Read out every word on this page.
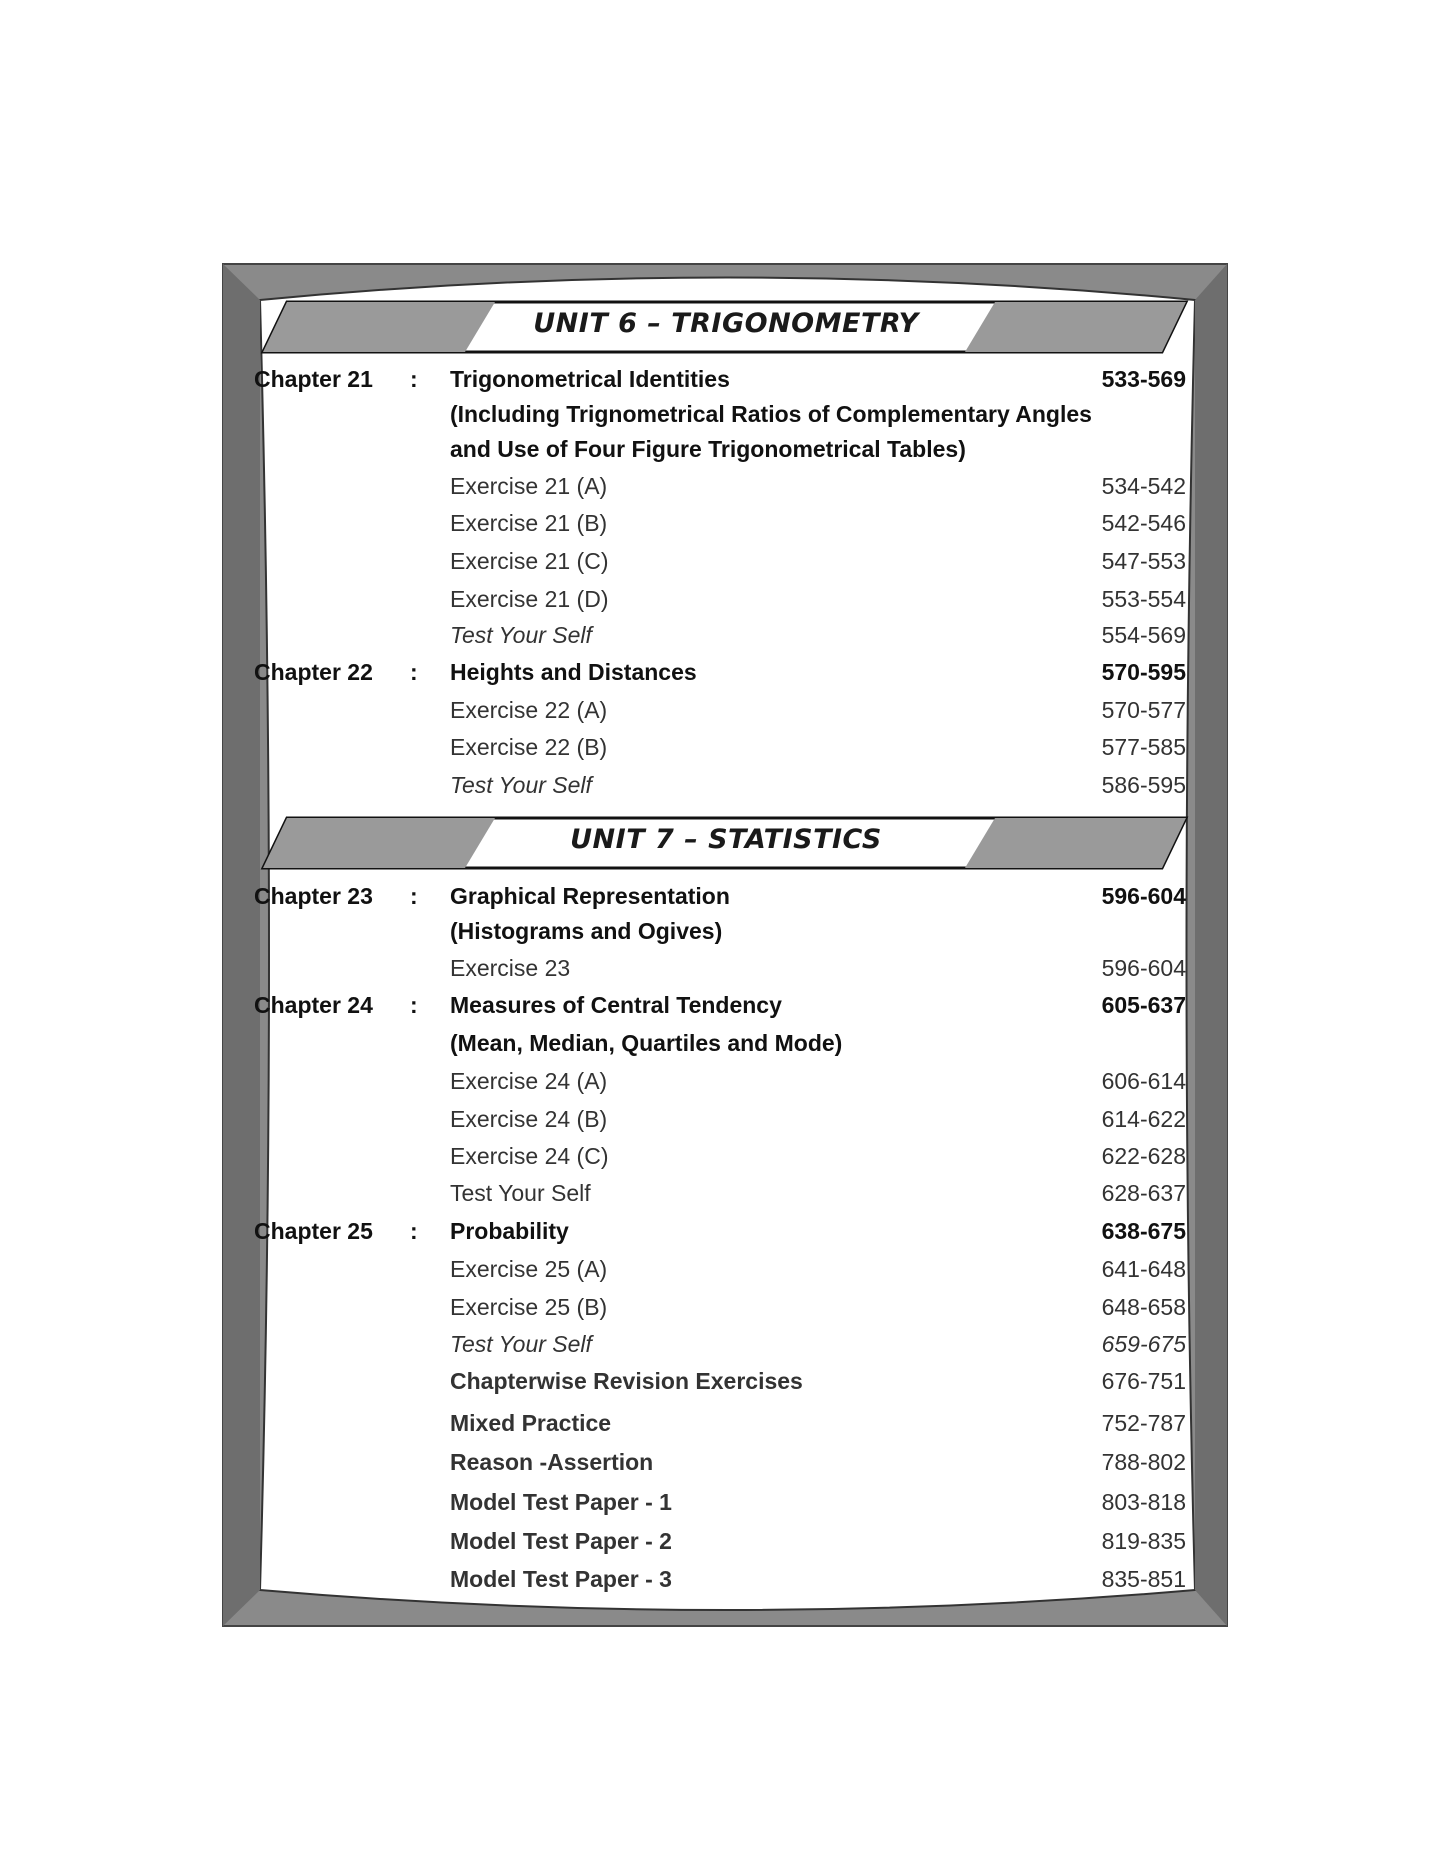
UNIT 6 – TRIGONOMETRY
UNIT 7 – STATISTICS
Chapter 21 : Trigonometrical Identities	533-569
(Including Trignometrical Ratios of Complementary Angles
and Use of Four Figure Trigonometrical Tables)
Exercise 21 (A)	534-542
Exercise 21 (B)	542-546
Exercise 21 (C)	547-553
Exercise 21 (D)	553-554
Test Your Self	554-569
Chapter 22 : Heights and Distances	570-595
Exercise 22 (A)	570-577
Exercise 22 (B)	577-585
Test Your Self	586-595
Chapter 23 : Graphical Representation	596-604
(Histograms and Ogives)
Exercise 23	596-604
Chapter 24 : Measures of Central Tendency	605-637
(Mean, Median, Quartiles and Mode)
Exercise 24 (A)	606-614
Exercise 24 (B)	614-622
Exercise 24 (C)	622-628
Test Your Self	628-637
Chapter 25 : Probability	638-675
Exercise 25 (A)	641-648
Exercise 25 (B)	648-658
Test Your Self	659-675
Chapterwise Revision Exercises	676-751
Mixed Practice	752-787
Reason -Assertion	788-802
Model Test Paper - 1	803-818
Model Test Paper - 2	819-835
Model Test Paper - 3	835-851
